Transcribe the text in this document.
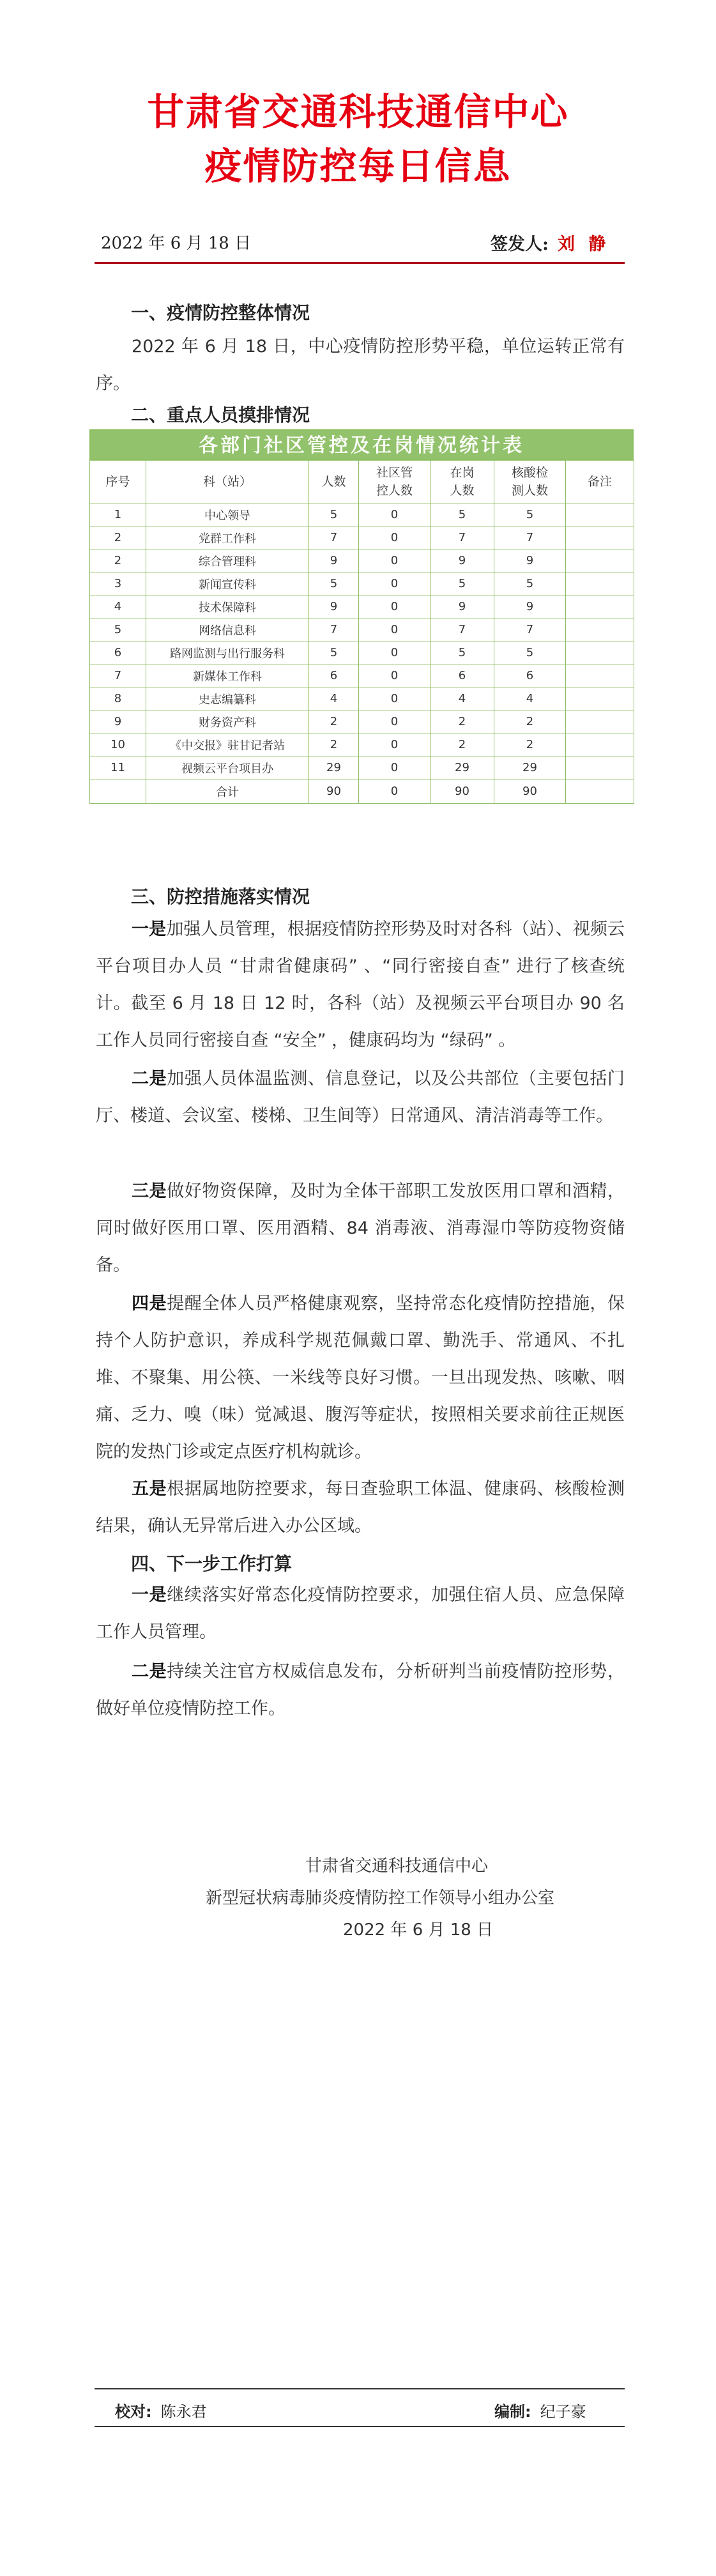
甘肃省交通科技通信中心
疫情防控每日信息
2022 年 6 月 18 日	签发人: 刘 静
一、疫情防控整体情况
2022 年 6 月 18 日，中心疫情防控形势平稳，单位运转正常有序。
二、重点人员摸排情况
各部门社区管控及在岗情况统计表
序号	科（站）	人数	社区管控人数	在岗人数	核酸检测人数	备注
1	中心领导	5	0	5	5	
2	党群工作科	7	0	7	7	
2	综合管理科	9	0	9	9	
3	新闻宣传科	5	0	5	5	
4	技术保障科	9	0	9	9	
5	网络信息科	7	0	7	7	
6	路网监测与出行服务科	5	0	5	5	
7	新媒体工作科	6	0	6	6	
8	史志编纂科	4	0	4	4	
9	财务资产科	2	0	2	2	
10	《中交报》驻甘记者站	2	0	2	2	
11	视频云平台项目办	29	0	29	29	
	合计	90	0	90	90	
三、防控措施落实情况
一是加强人员管理，根据疫情防控形势及时对各科（站）、视频云平台项目办人员 “甘肃省健康码” 、“同行密接自查” 进行了核查统计。截至 6 月 18 日 12 时，各科（站）及视频云平台项目办 90 名工作人员同行密接自查 “安全” ，健康码均为 “绿码” 。
二是加强人员体温监测、信息登记，以及公共部位（主要包括门厅、楼道、会议室、楼梯、卫生间等）日常通风、清洁消毒等工作。
三是做好物资保障，及时为全体干部职工发放医用口罩和酒精，同时做好医用口罩、医用酒精、84 消毒液、消毒湿巾等防疫物资储备。
四是提醒全体人员严格健康观察，坚持常态化疫情防控措施，保持个人防护意识，养成科学规范佩戴口罩、勤洗手、常通风、不扎堆、不聚集、用公筷、一米线等良好习惯。一旦出现发热、咳嗽、咽痛、乏力、嗅（味）觉减退、腹泻等症状，按照相关要求前往正规医院的发热门诊或定点医疗机构就诊。
五是根据属地防控要求，每日查验职工体温、健康码、核酸检测结果，确认无异常后进入办公区域。
四、下一步工作打算
一是继续落实好常态化疫情防控要求，加强住宿人员、应急保障工作人员管理。
二是持续关注官方权威信息发布，分析研判当前疫情防控形势，做好单位疫情防控工作。
甘肃省交通科技通信中心
新型冠状病毒肺炎疫情防控工作领导小组办公室
2022 年 6 月 18 日
校对: 陈永君	编制: 纪子豪
